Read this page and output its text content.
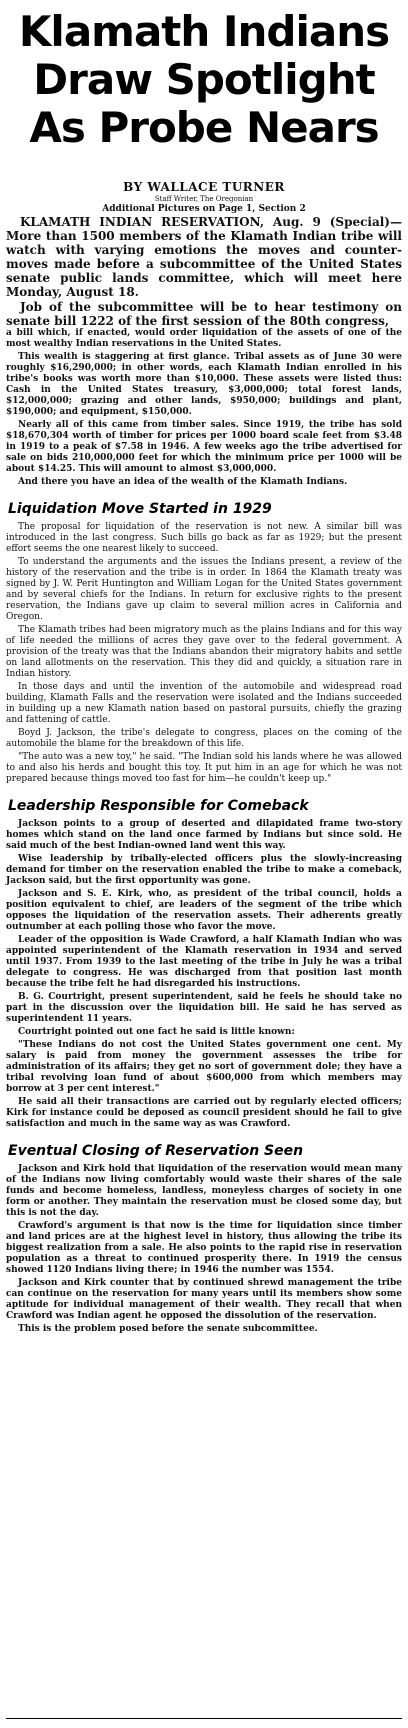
Klamath Indians
Draw Spotlight
As Probe Nears
BY WALLACE TURNER
Staff Writer, The Oregonian
Additional Pictures on Page 1, Section 2

KLAMATH INDIAN RESERVATION, Aug. 9 (Special)—More than 1500 members of the Klamath Indian tribe will watch with varying emotions the moves and counter-moves made before a subcommittee of the United States senate public lands committee, which will meet here Monday, August 18.

Job of the subcommittee will be to hear testimony on senate bill 1222 of the first session of the 80th congress,

a bill which, if enacted, would order liquidation of the assets of one of the most wealthy Indian reservations in the United States.

This wealth is staggering at first glance. Tribal assets as of June 30 were roughly $16,290,000; in other words, each Klamath Indian enrolled in his tribe's books was worth more than $10,000. These assets were listed thus: Cash in the United States treasury, $3,000,000; total forest lands, $12,000,000; grazing and other lands, $950,000; buildings and plant, $190,000; and equipment, $150,000.

Nearly all of this came from timber sales. Since 1919, the tribe has sold $18,670,304 worth of timber for prices per 1000 board scale feet from $3.48 in 1919 to a peak of $7.58 in 1946. A few weeks ago the tribe advertised for sale on bids 210,000,000 feet for which the minimum price per 1000 will be about $14.25. This will amount to almost $3,000,000.

And there you have an idea of the wealth of the Klamath Indians.

Liquidation Move Started in 1929

The proposal for liquidation of the reservation is not new. A similar bill was introduced in the last congress. Such bills go back as far as 1929; but the present effort seems the one nearest likely to succeed.

To understand the arguments and the issues the Indians present, a review of the history of the reservation and the tribe is in order. In 1864 the Klamath treaty was signed by J. W. Perit Huntington and William Logan for the United States government and by several chiefs for the Indians. In return for exclusive rights to the present reservation, the Indians gave up claim to several million acres in California and Oregon.

The Klamath tribes had been migratory much as the plains Indians and for this way of life needed the millions of acres they gave over to the federal government. A provision of the treaty was that the Indians abandon their migratory habits and settle on land allotments on the reservation. This they did and quickly, a situation rare in Indian history.

In those days and until the invention of the automobile and widespread road building, Klamath Falls and the reservation were isolated and the Indians succeeded in building up a new Klamath nation based on pastoral pursuits, chiefly the grazing and fattening of cattle.

Boyd J. Jackson, the tribe's delegate to congress, places on the coming of the automobile the blame for the breakdown of this life.

"The auto was a new toy," he said. "The Indian sold his lands where he was allowed to and also his herds and bought this toy. It put him in an age for which he was not prepared because things moved too fast for him—he couldn't keep up."

Leadership Responsible for Comeback

Jackson points to a group of deserted and dilapidated frame two-story homes which stand on the land once farmed by Indians but since sold. He said much of the best Indian-owned land went this way.

Wise leadership by tribally-elected officers plus the slowly-increasing demand for timber on the reservation enabled the tribe to make a comeback, Jackson said, but the first opportunity was gone.

Jackson and S. E. Kirk, who, as president of the tribal council, holds a position equivalent to chief, are leaders of the segment of the tribe which opposes the liquidation of the reservation assets. Their adherents greatly outnumber at each polling those who favor the move.

Leader of the opposition is Wade Crawford, a half Klamath Indian who was appointed superintendent of the Klamath reservation in 1934 and served until 1937. From 1939 to the last meeting of the tribe in July he was a tribal delegate to congress. He was discharged from that position last month because the tribe felt he had disregarded his instructions.

B. G. Courtright, present superintendent, said he feels he should take no part in the discussion over the liquidation bill. He said he has served as superintendent 11 years.

Courtright pointed out one fact he said is little known:

"These Indians do not cost the United States government one cent. My salary is paid from money the government assesses the tribe for administration of its affairs; they get no sort of government dole; they have a tribal revolving loan fund of about $600,000 from which members may borrow at 3 per cent interest."

He said all their transactions are carried out by regularly elected officers; Kirk for instance could be deposed as council president should he fail to give satisfaction and much in the same way as was Crawford.

Eventual Closing of Reservation Seen

Jackson and Kirk hold that liquidation of the reservation would mean many of the Indians now living comfortably would waste their shares of the sale funds and become homeless, landless, moneyless charges of society in one form or another. They maintain the reservation must be closed some day, but this is not the day.

Crawford's argument is that now is the time for liquidation since timber and land prices are at the highest level in history, thus allowing the tribe its biggest realization from a sale. He also points to the rapid rise in reservation population as a threat to continued prosperity there. In 1919 the census showed 1120 Indians living there; in 1946 the number was 1554.

Jackson and Kirk counter that by continued shrewd management the tribe can continue on the reservation for many years until its members show some aptitude for individual management of their wealth. They recall that when Crawford was Indian agent he opposed the dissolution of the reservation.

This is the problem posed before the senate subcommittee.
